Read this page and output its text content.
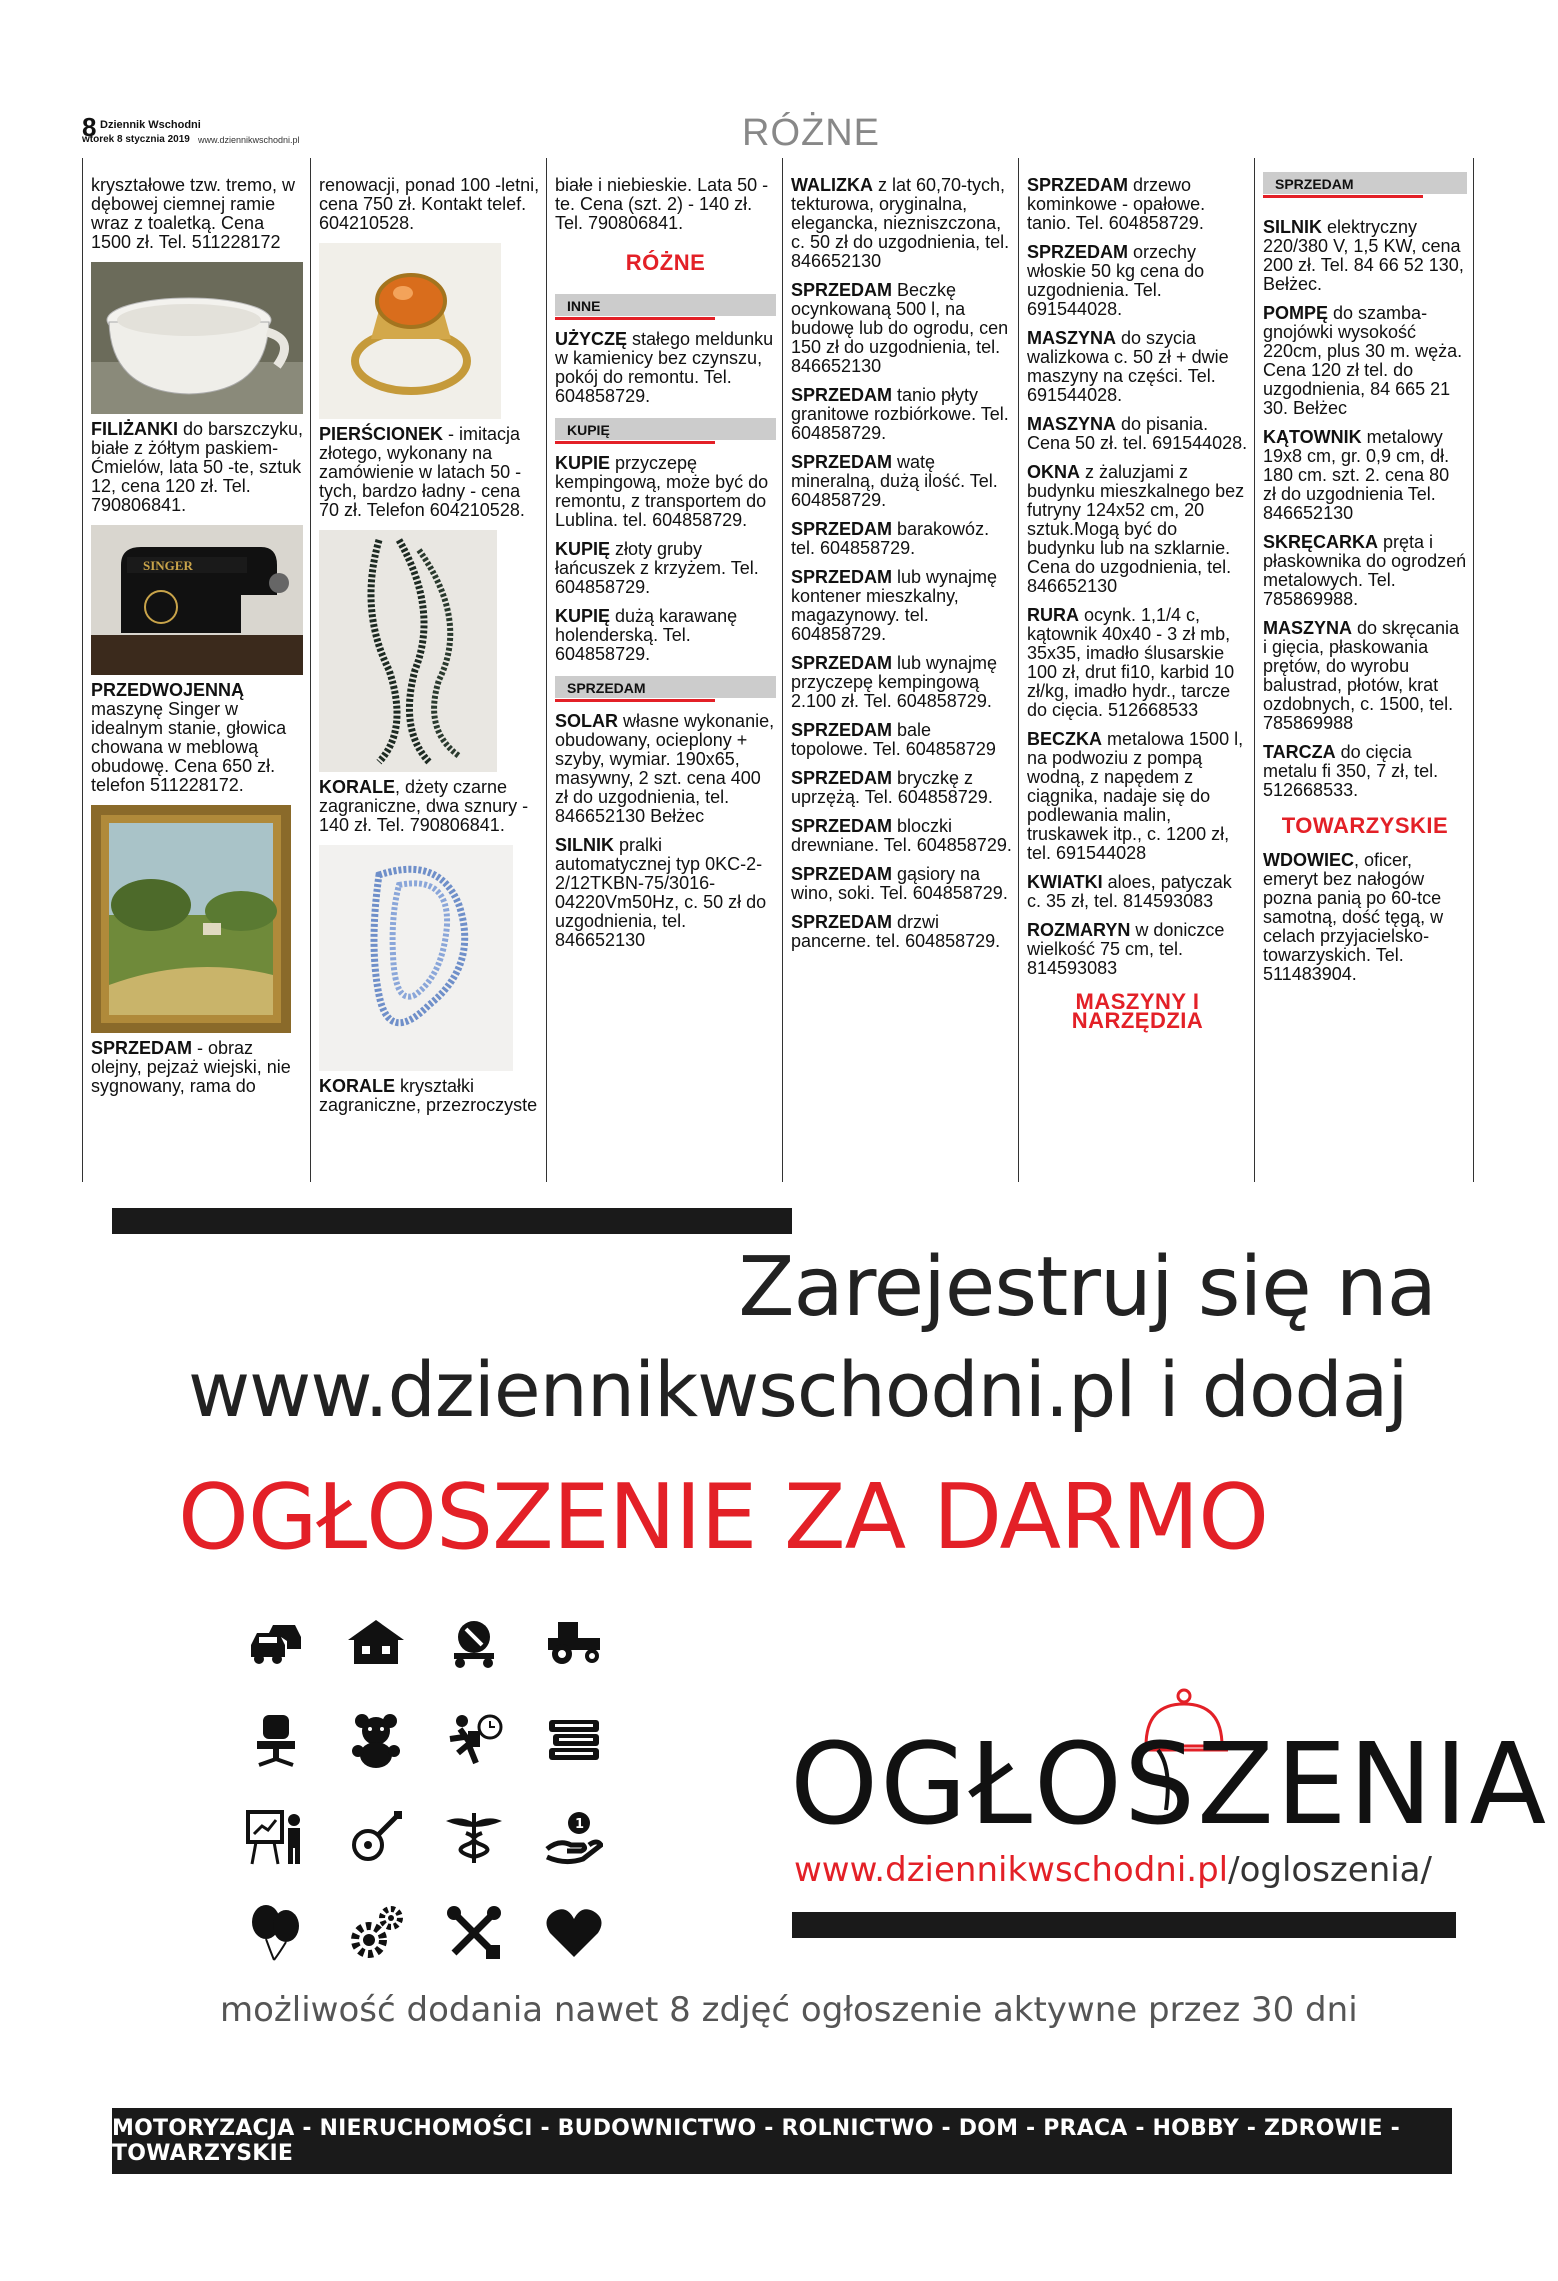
8 Dziennik Wschodni
wtorek 8 stycznia 2019 www.dziennikwschodni.pl	RÓŻNE
kryształowe tzw. tremo, w dębowej ciemnej ramie wraz z toaletką. Cena 1500 zł. Tel. 511228172
FILIŻANKI do barszczyku, białe z żółtym paskiem-Ćmielów, lata 50 -te, sztuk 12, cena 120 zł. Tel. 790806841.
SINGER
PRZEDWOJENNĄ maszynę Singer w idealnym stanie, głowica chowana w meblową obudowę. Cena 650 zł. telefon 511228172.
SPRZEDAM - obraz olejny, pejzaż wiejski, nie sygnowany, rama do
renowacji, ponad 100 -letni, cena 750 zł. Kontakt telef. 604210528.
PIERŚCIONEK - imitacja złotego, wykonany na zamówienie w latach 50 -tych, bardzo ładny - cena 70 zł. Telefon 604210528.
KORALE, dżety czarne zagraniczne, dwa sznury - 140 zł. Tel. 790806841.
KORALE kryształki zagraniczne, przezroczyste
białe i niebieskie. Lata 50 -te. Cena (szt. 2) - 140 zł. Tel. 790806841.
RÓŻNE
INNE
UŻYCZĘ stałego meldunku w kamienicy bez czynszu, pokój do remontu. Tel. 604858729.
KUPIĘ
KUPIE przyczepę kempingową, może być do remontu, z transportem do Lublina. tel. 604858729.
KUPIĘ złoty gruby łańcuszek z krzyżem. Tel. 604858729.
KUPIĘ dużą karawanę holenderską. Tel. 604858729.
SPRZEDAM
SOLAR własne wykonanie, obudowany, ocieplony + szyby, wymiar. 190x65, masywny, 2 szt. cena 400 zł do uzgodnienia, tel. 846652130 Bełżec
SILNIK pralki automatycznej typ 0KC-2-2/12TKBN-75/3016-04220Vm50Hz, c. 50 zł do uzgodnienia, tel. 846652130
WALIZKA z lat 60,70-tych, tekturowa, oryginalna, elegancka, niezniszczona, c. 50 zł do uzgodnienia, tel. 846652130
SPRZEDAM Beczkę ocynkowaną 500 l, na budowę lub do ogrodu, cen 150 zł do uzgodnienia, tel. 846652130
SPRZEDAM tanio płyty granitowe rozbiórkowe. Tel. 604858729.
SPRZEDAM watę mineralną, dużą ilość. Tel. 604858729.
SPRZEDAM barakowóz. tel. 604858729.
SPRZEDAM lub wynajmę kontener mieszkalny, magazynowy. tel. 604858729.
SPRZEDAM lub wynajmę przyczepę kempingową 2.100 zł. Tel. 604858729.
SPRZEDAM bale topolowe. Tel. 604858729
SPRZEDAM bryczkę z uprzężą. Tel. 604858729.
SPRZEDAM bloczki drewniane. Tel. 604858729.
SPRZEDAM gąsiory na wino, soki. Tel. 604858729.
SPRZEDAM drzwi pancerne. tel. 604858729.
SPRZEDAM drzewo kominkowe - opałowe. tanio. Tel. 604858729.
SPRZEDAM orzechy włoskie 50 kg cena do uzgodnienia. Tel. 691544028.
MASZYNA do szycia walizkowa c. 50 zł + dwie maszyny na części. Tel. 691544028.
MASZYNA do pisania. Cena 50 zł. tel. 691544028.
OKNA z żaluzjami z budynku mieszkalnego bez futryny 124x52 cm, 20 sztuk.Mogą być do budynku lub na szklarnie. Cena do uzgodnienia, tel. 846652130
RURA ocynk. 1,1/4 c, kątownik 40x40 - 3 zł mb, 35x35, imadło ślusarskie 100 zł, drut fi10, karbid 10 zł/kg, imadło hydr., tarcze do cięcia. 512668533
BECZKA metalowa 1500 l, na podwoziu z pompą wodną, z napędem z ciągnika, nadaje się do podlewania malin, truskawek itp., c. 1200 zł, tel. 691544028
KWIATKI aloes, patyczak c. 35 zł, tel. 814593083
ROZMARYN w doniczce wielkość 75 cm, tel. 814593083
MASZYNY I NARZĘDZIA
SPRZEDAM
SILNIK elektryczny 220/380 V, 1,5 KW, cena 200 zł. Tel. 84 66 52 130, Bełżec.
POMPĘ do szamba-gnojówki wysokość 220cm, plus 30 m. węża. Cena 120 zł tel. do uzgodnienia, 84 665 21 30. Bełżec
KĄTOWNIK metalowy 19x8 cm, gr. 0,9 cm, dł. 180 cm. szt. 2. cena 80 zł do uzgodnienia Tel. 846652130
SKRĘCARKA pręta i płaskownika do ogrodzeń metalowych. Tel. 785869988.
MASZYNA do skręcania i gięcia, płaskowania prętów, do wyrobu balustrad, płotów, krat ozdobnych, c. 1500, tel. 785869988
TARCZA do cięcia metalu fi 350, 7 zł, tel. 512668533.
TOWARZYSKIE
WDOWIEC, oficer, emeryt bez nałogów pozna panią po 60-tce samotną, dość tęgą, w celach przyjacielsko-towarzyskich. Tel. 511483904.
Zarejestruj się na
www.dziennikwschodni.pl i dodaj
OGŁOSZENIE ZA DARMO
1 OGŁOSZENIA
www.dziennikwschodni.pl/ogloszenia/
możliwość dodania nawet 8 zdjęć ogłoszenie aktywne przez 30 dni
MOTORYZACJA - NIERUCHOMOŚCI - BUDOWNICTWO - ROLNICTWO - DOM - PRACA - HOBBY - ZDROWIE - TOWARZYSKIE
